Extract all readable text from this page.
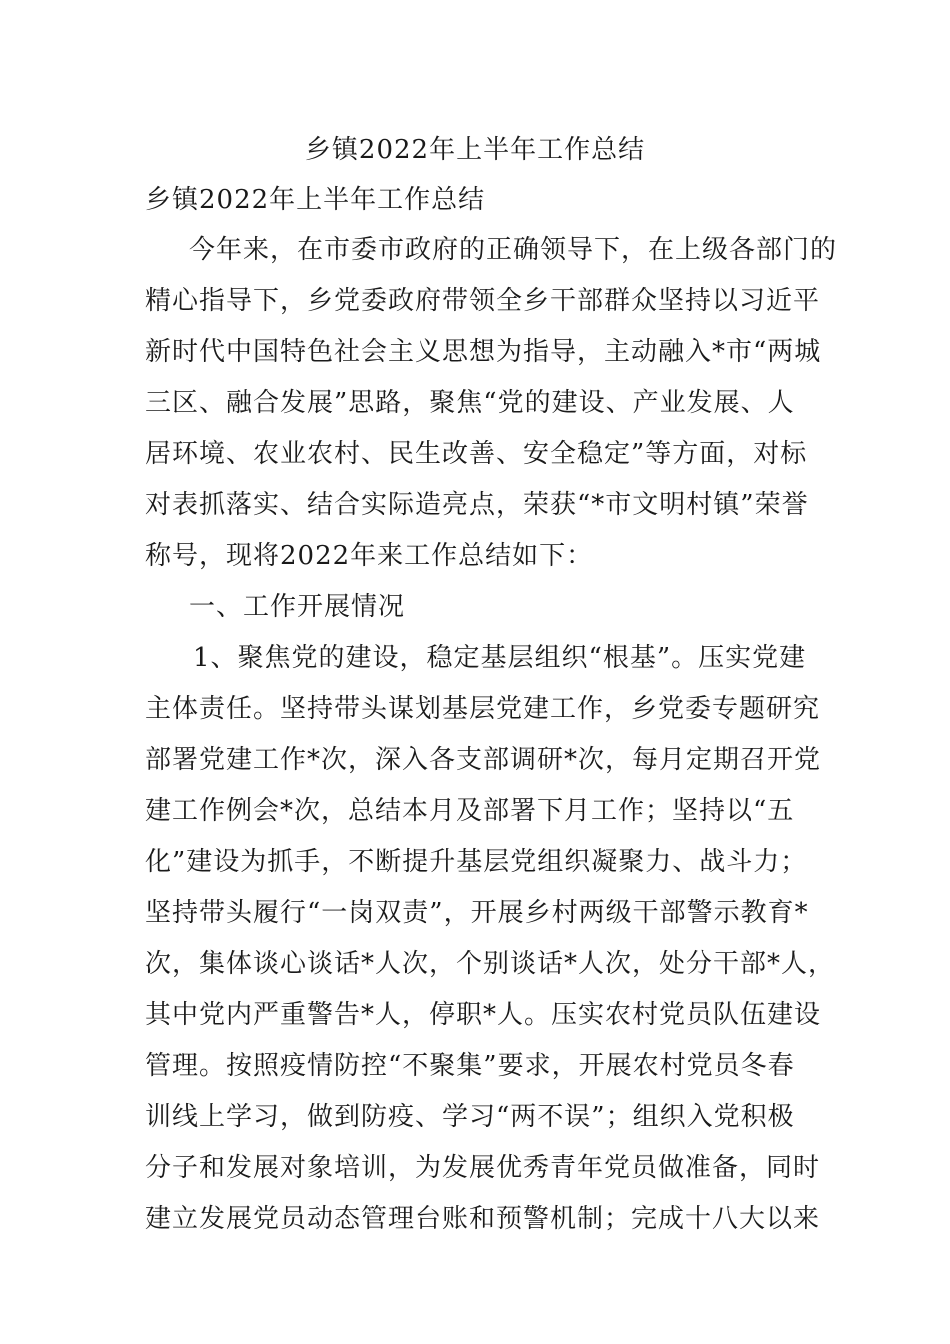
乡镇2022年上半年工作总结

乡镇2022年上半年工作总结

今年来，在市委市政府的正确领导下，在上级各部门的
精心指导下，乡党委政府带领全乡干部群众坚持以习近平
新时代中国特色社会主义思想为指导，主动融入*市“两城
三区、融合发展”思路，聚焦“党的建设、产业发展、人
居环境、农业农村、民生改善、安全稳定”等方面，对标
对表抓落实、结合实际造亮点，荣获“*市文明村镇”荣誉
称号，现将2022年来工作总结如下：
一、工作开展情况
1、聚焦党的建设，稳定基层组织“根基”。压实党建
主体责任。坚持带头谋划基层党建工作，乡党委专题研究
部署党建工作*次，深入各支部调研*次，每月定期召开党
建工作例会*次，总结本月及部署下月工作；坚持以“五
化”建设为抓手，不断提升基层党组织凝聚力、战斗力；
坚持带头履行“一岗双责”，开展乡村两级干部警示教育*
次，集体谈心谈话*人次，个别谈话*人次，处分干部*人，
其中党内严重警告*人，停职*人。压实农村党员队伍建设
管理。按照疫情防控“不聚集”要求，开展农村党员冬春
训线上学习，做到防疫、学习“两不误”；组织入党积极
分子和发展对象培训，为发展优秀青年党员做准备，同时
建立发展党员动态管理台账和预警机制；完成十八大以来
